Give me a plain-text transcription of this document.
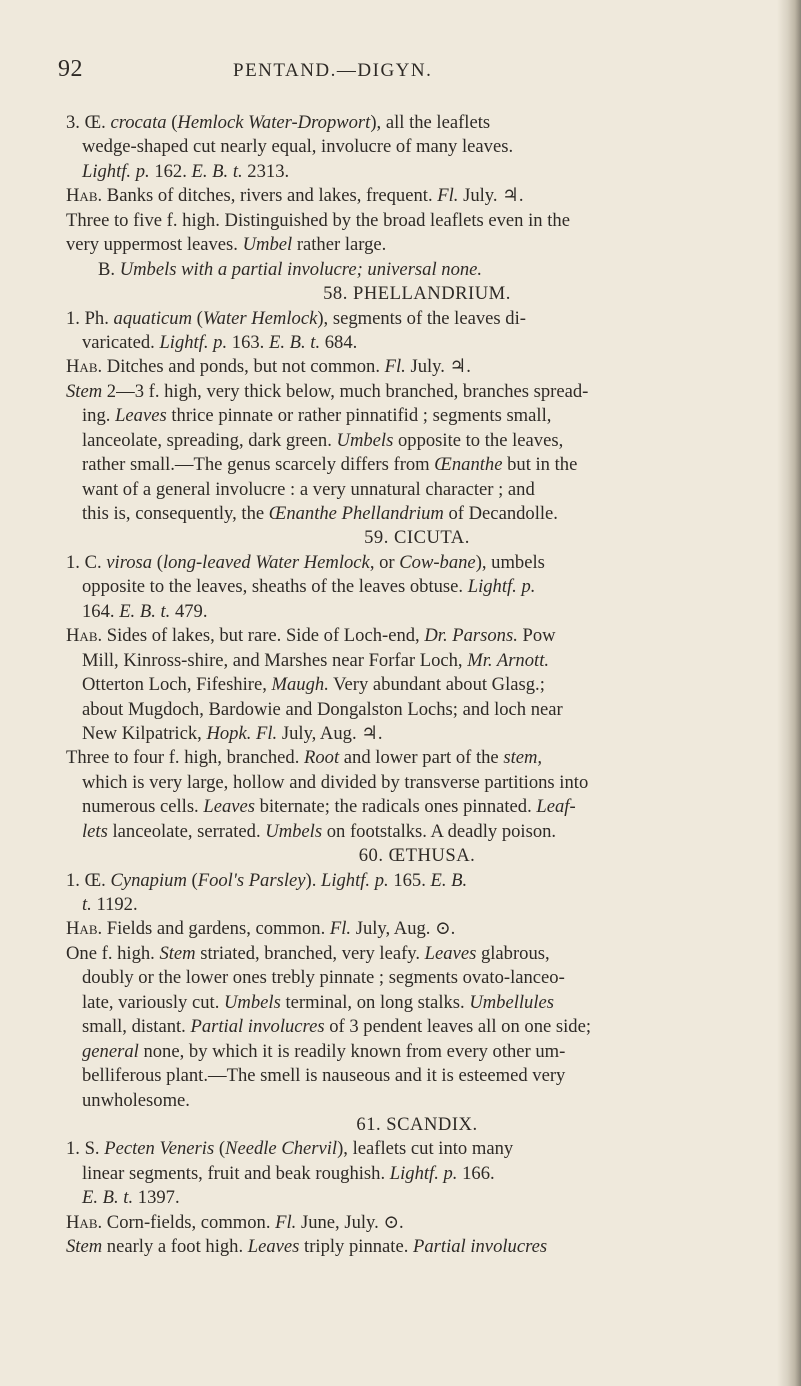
92	PENTAND.—DIGYN.
3. Œ. crocata (Hemlock Water-Dropwort), all the leaflets
wedge-shaped cut nearly equal, involucre of many leaves.
Lightf. p. 162. E. B. t. 2313.
Hab. Banks of ditches, rivers and lakes, frequent. Fl. July. ♃.
Three to five f. high. Distinguished by the broad leaflets even in the
very uppermost leaves. Umbel rather large.
B. Umbels with a partial involucre; universal none.
58. PHELLANDRIUM.
1. Ph. aquaticum (Water Hemlock), segments of the leaves di-
varicated. Lightf. p. 163. E. B. t. 684.
Hab. Ditches and ponds, but not common. Fl. July. ♃.
Stem 2—3 f. high, very thick below, much branched, branches spread-
ing. Leaves thrice pinnate or rather pinnatifid ; segments small,
lanceolate, spreading, dark green. Umbels opposite to the leaves,
rather small.—The genus scarcely differs from Œnanthe but in the
want of a general involucre : a very unnatural character ; and
this is, consequently, the Œnanthe Phellandrium of Decandolle.
59. CICUTA.
1. C. virosa (long-leaved Water Hemlock, or Cow-bane), umbels
opposite to the leaves, sheaths of the leaves obtuse. Lightf. p.
164. E. B. t. 479.
Hab. Sides of lakes, but rare. Side of Loch-end, Dr. Parsons. Pow
Mill, Kinross-shire, and Marshes near Forfar Loch, Mr. Arnott.
Otterton Loch, Fifeshire, Maugh. Very abundant about Glasg.;
about Mugdoch, Bardowie and Dongalston Lochs; and loch near
New Kilpatrick, Hopk. Fl. July, Aug. ♃.
Three to four f. high, branched. Root and lower part of the stem,
which is very large, hollow and divided by transverse partitions into
numerous cells. Leaves biternate; the radicals ones pinnated. Leaf-
lets lanceolate, serrated. Umbels on footstalks. A deadly poison.
60. ŒTHUSA.
1. Œ. Cynapium (Fool's Parsley). Lightf. p. 165. E. B.
t. 1192.
Hab. Fields and gardens, common. Fl. July, Aug. ⊙.
One f. high. Stem striated, branched, very leafy. Leaves glabrous,
doubly or the lower ones trebly pinnate ; segments ovato-lanceo-
late, variously cut. Umbels terminal, on long stalks. Umbellules
small, distant. Partial involucres of 3 pendent leaves all on one side;
general none, by which it is readily known from every other um-
belliferous plant.—The smell is nauseous and it is esteemed very
unwholesome.
61. SCANDIX.
1. S. Pecten Veneris (Needle Chervil), leaflets cut into many
linear segments, fruit and beak roughish. Lightf. p. 166.
E. B. t. 1397.
Hab. Corn-fields, common. Fl. June, July. ⊙.
Stem nearly a foot high. Leaves triply pinnate. Partial involucres
